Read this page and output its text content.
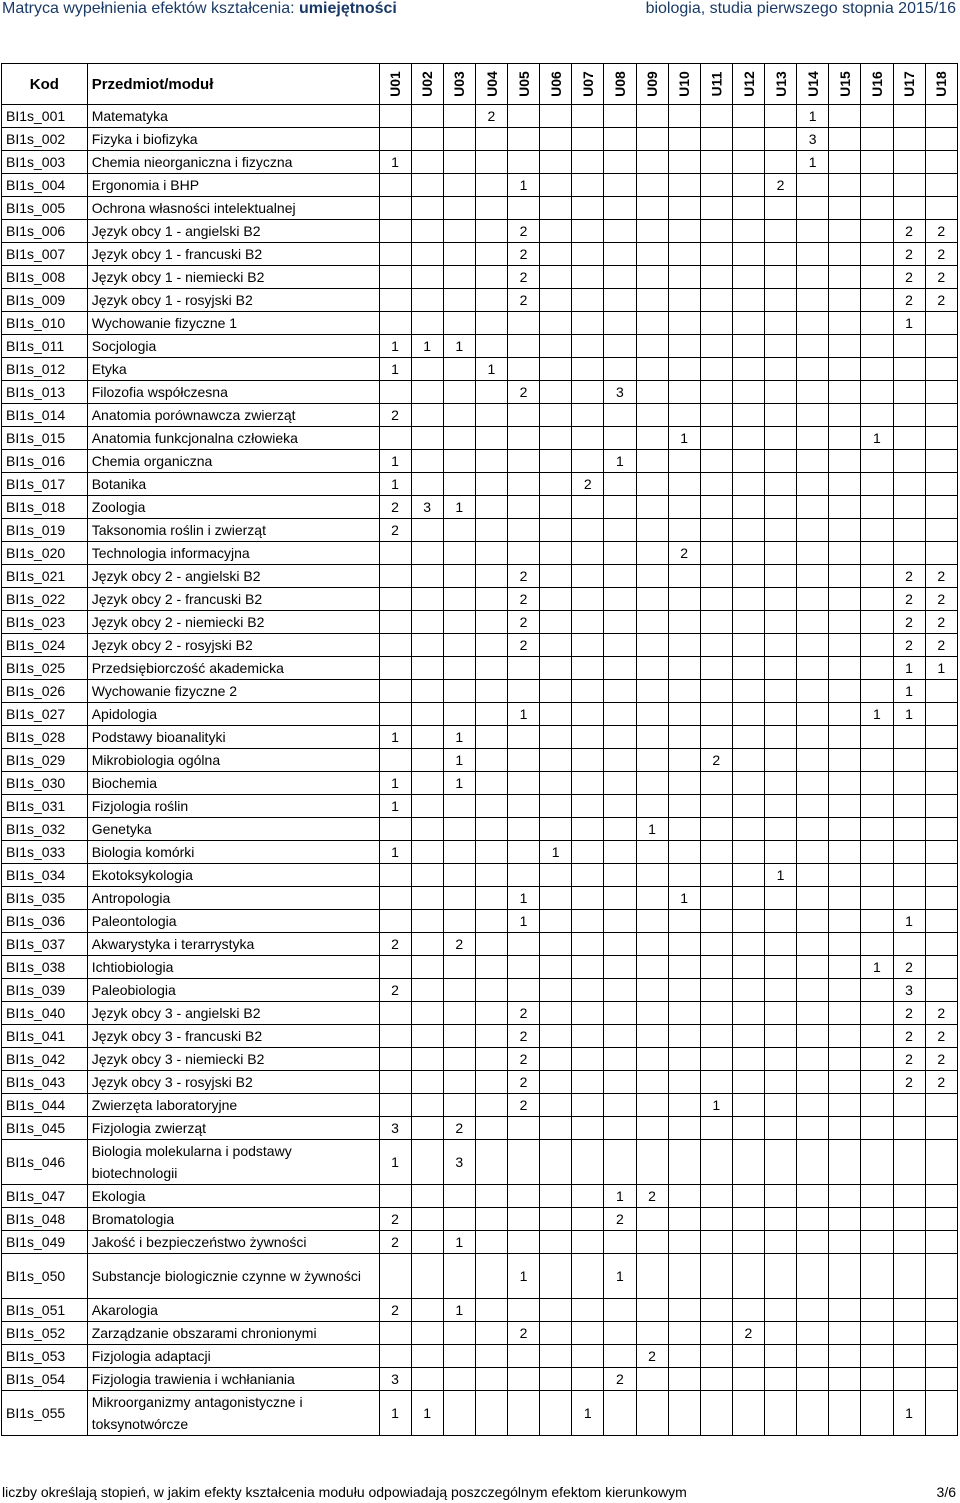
Matryca wypełnienia efektów kształcenia: umiejętności	biologia, studia pierwszego stopnia 2015/16
Kod	Przedmiot/moduł	U01	U02	U03	U04	U05	U06	U07	U08	U09	U10	U11	U12	U13	U14	U15	U16	U17	U18
BI1s_001	Matematyka				2										1				
BI1s_002	Fizyka i biofizyka														3				
BI1s_003	Chemia nieorganiczna i fizyczna	1													1				
BI1s_004	Ergonomia i BHP					1								2					
BI1s_005	Ochrona własności intelektualnej																		
BI1s_006	Język obcy 1 - angielski B2					2												2	2
BI1s_007	Język obcy 1 - francuski B2					2												2	2
BI1s_008	Język obcy 1 - niemiecki B2					2												2	2
BI1s_009	Język obcy 1 - rosyjski B2					2												2	2
BI1s_010	Wychowanie fizyczne 1																	1	
BI1s_011	Socjologia	1	1	1															
BI1s_012	Etyka	1			1														
BI1s_013	Filozofia współczesna					2			3										
BI1s_014	Anatomia porównawcza zwierząt	2																	
BI1s_015	Anatomia funkcjonalna człowieka										1						1		
BI1s_016	Chemia organiczna	1							1										
BI1s_017	Botanika	1						2											
BI1s_018	Zoologia	2	3	1															
BI1s_019	Taksonomia roślin i zwierząt	2																	
BI1s_020	Technologia informacyjna										2								
BI1s_021	Język obcy 2 - angielski B2					2												2	2
BI1s_022	Język obcy 2 - francuski B2					2												2	2
BI1s_023	Język obcy 2 - niemiecki B2					2												2	2
BI1s_024	Język obcy 2 - rosyjski B2					2												2	2
BI1s_025	Przedsiębiorczość akademicka																	1	1
BI1s_026	Wychowanie fizyczne 2																	1	
BI1s_027	Apidologia					1											1	1	
BI1s_028	Podstawy bioanalityki	1		1															
BI1s_029	Mikrobiologia ogólna			1								2							
BI1s_030	Biochemia	1		1															
BI1s_031	Fizjologia roślin	1																	
BI1s_032	Genetyka									1									
BI1s_033	Biologia komórki	1					1												
BI1s_034	Ekotoksykologia													1					
BI1s_035	Antropologia					1					1								
BI1s_036	Paleontologia					1												1	
BI1s_037	Akwarystyka i terarrystyka	2		2															
BI1s_038	Ichtiobiologia																1	2	
BI1s_039	Paleobiologia	2																3	
BI1s_040	Język obcy 3 - angielski B2					2												2	2
BI1s_041	Język obcy 3 - francuski B2					2												2	2
BI1s_042	Język obcy 3 - niemiecki B2					2												2	2
BI1s_043	Język obcy 3 - rosyjski B2					2												2	2
BI1s_044	Zwierzęta laboratoryjne					2						1							
BI1s_045	Fizjologia zwierząt	3		2															
BI1s_046	Biologia molekularna i podstawy biotechnologii	1		3															
BI1s_047	Ekologia								1	2									
BI1s_048	Bromatologia	2							2										
BI1s_049	Jakość i bezpieczeństwo żywności	2		1															
BI1s_050	Substancje biologicznie czynne w żywności					1			1										
BI1s_051	Akarologia	2		1															
BI1s_052	Zarządzanie obszarami chronionymi					2							2						
BI1s_053	Fizjologia adaptacji									2									
BI1s_054	Fizjologia trawienia i wchłaniania	3							2										
BI1s_055	Mikroorganizmy antagonistyczne i toksynotwórcze	1	1					1										1	
liczby określają stopień, w jakim efekty kształcenia modułu odpowiadają poszczególnym efektom kierunkowym	3/6
